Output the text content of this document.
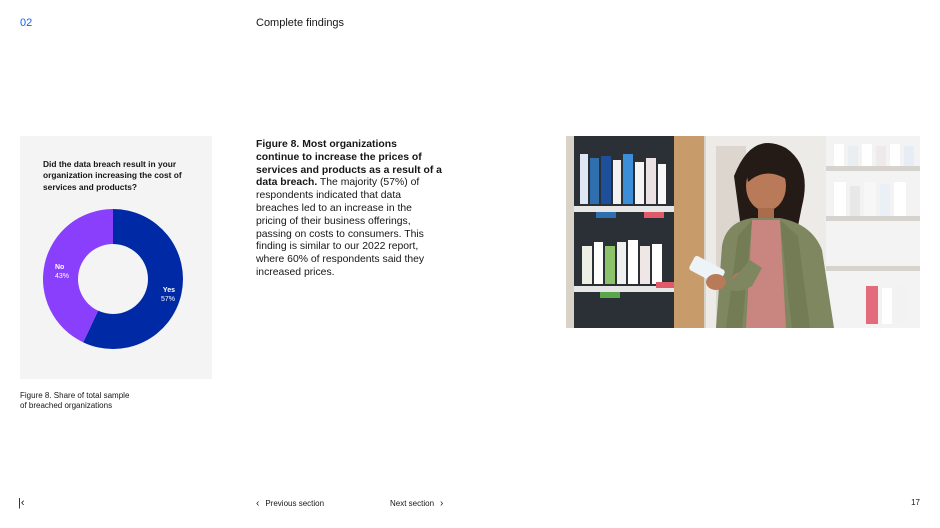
02	Complete findings
Did the data breach result in your organization increasing the cost of services and products?
Yes
57%
No
43%
Figure 8. Share of total sample
of breached organizations
Figure 8. Most organizations continue to increase the prices of services and products as a result of a data breach. The majority (57%) of respondents indicated that data breaches led to an increase in the pricing of their business offerings, passing on costs to consumers. This finding is similar to our 2022 report, where 60% of respondents said they increased prices.
|‹	‹ Previous section	Next section ›	17
